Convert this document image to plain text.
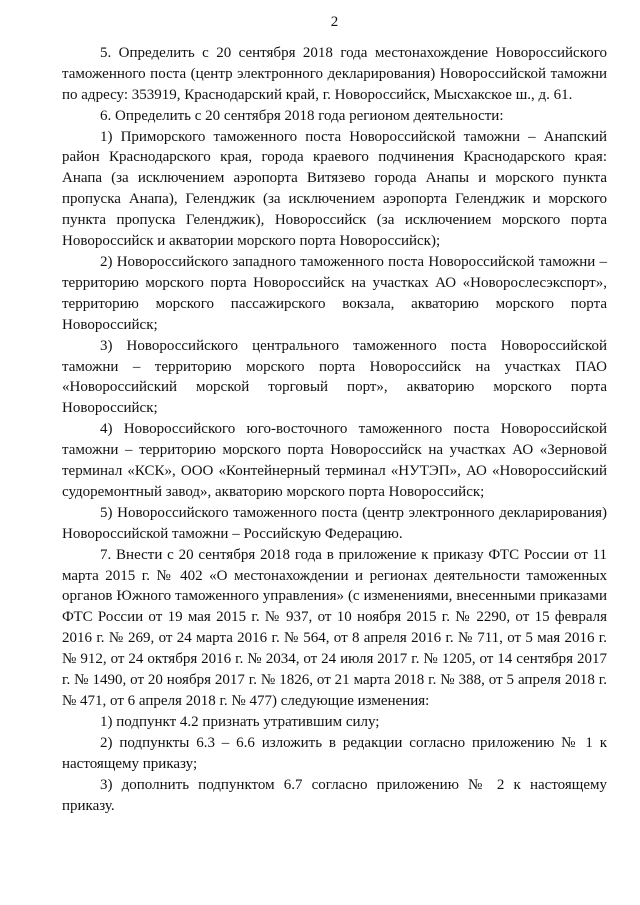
2

5. Определить с 20 сентября 2018 года местонахождение Новороссийского таможенного поста (центр электронного декларирования) Новороссийской таможни по адресу: 353919, Краснодарский край, г. Новороссийск, Мысхакское ш., д. 61.

6. Определить с 20 сентября 2018 года регионом деятельности:

1) Приморского таможенного поста Новороссийской таможни – Анапский район Краснодарского края, города краевого подчинения Краснодарского края: Анапа (за исключением аэропорта Витязево города Анапы и морского пункта пропуска Анапа), Геленджик (за исключением аэропорта Геленджик и морского пункта пропуска Геленджик), Новороссийск (за исключением морского порта Новороссийск и акватории морского порта Новороссийск);

2) Новороссийского западного таможенного поста Новороссийской таможни – территорию морского порта Новороссийск на участках АО «Новорослесэкспорт», территорию морского пассажирского вокзала, акваторию морского порта Новороссийск;

3) Новороссийского центрального таможенного поста Новороссийской таможни – территорию морского порта Новороссийск на участках ПАО «Новороссийский морской торговый порт», акваторию морского порта Новороссийск;

4) Новороссийского юго-восточного таможенного поста Новороссийской таможни – территорию морского порта Новороссийск на участках АО «Зерновой терминал «КСК», ООО «Контейнерный терминал «НУТЭП», АО «Новороссийский судоремонтный завод», акваторию морского порта Новороссийск;

5) Новороссийского таможенного поста (центр электронного декларирования) Новороссийской таможни – Российскую Федерацию.

7. Внести с 20 сентября 2018 года в приложение к приказу ФТС России от 11 марта 2015 г. № 402 «О местонахождении и регионах деятельности таможенных органов Южного таможенного управления» (с изменениями, внесенными приказами ФТС России от 19 мая 2015 г. № 937, от 10 ноября 2015 г. № 2290, от 15 февраля 2016 г. № 269, от 24 марта 2016 г. № 564, от 8 апреля 2016 г. № 711, от 5 мая 2016 г. № 912, от 24 октября 2016 г. № 2034, от 24 июля 2017 г. № 1205, от 14 сентября 2017 г. № 1490, от 20 ноября 2017 г. № 1826, от 21 марта 2018 г. № 388, от 5 апреля 2018 г. № 471, от 6 апреля 2018 г. № 477) следующие изменения:

1) подпункт 4.2 признать утратившим силу;

2) подпункты 6.3 – 6.6 изложить в редакции согласно приложению № 1 к настоящему приказу;

3) дополнить подпунктом 6.7 согласно приложению № 2 к настоящему приказу.
